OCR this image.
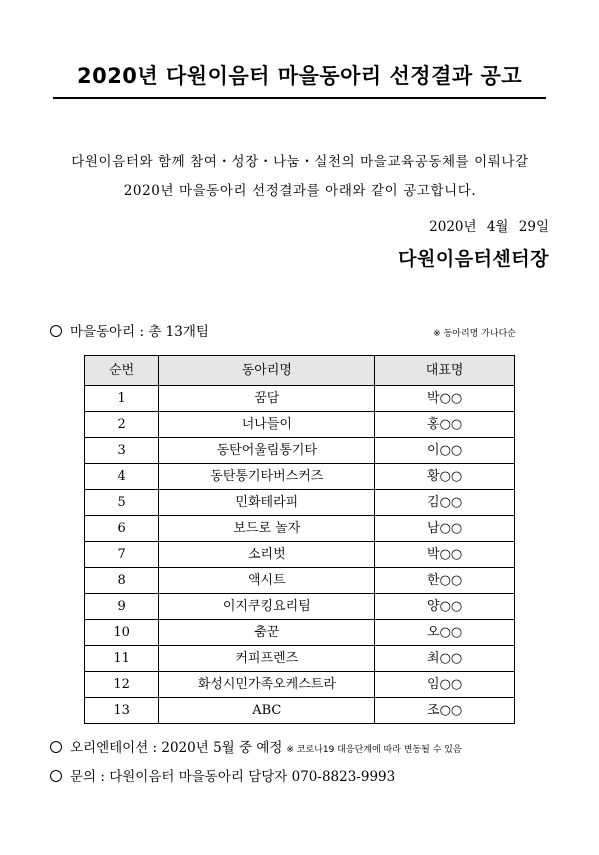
2020년 다원이음터 마을동아리 선정결과 공고
다원이음터와 함께 참여・성장・나눔・실천의 마을교육공동체를 이뤄나갈
2020년 마을동아리 선정결과를 아래와 같이 공고합니다.
2020년 4월 29일
다원이음터센터장
마을동아리 : 총 13개팀	※ 동아리명 가나다순
순번	동아리명	대표명
1	꿈담	박○○
2	너나들이	홍○○
3	동탄어울림통기타	이○○
4	동탄통기타버스커즈	황○○
5	민화테라피	김○○
6	보드로 놀자	남○○
7	소리벗	박○○
8	액시트	한○○
9	이지쿠킹요리팀	양○○
10	춤꾼	오○○
11	커피프렌즈	최○○
12	화성시민가족오케스트라	임○○
13	ABC	조○○
오리엔테이션 : 2020년 5월 중 예정 ※ 코로나19 대응단계에 따라 변동될 수 있음
문의 : 다원이음터 마을동아리 담당자 070-8823-9993
